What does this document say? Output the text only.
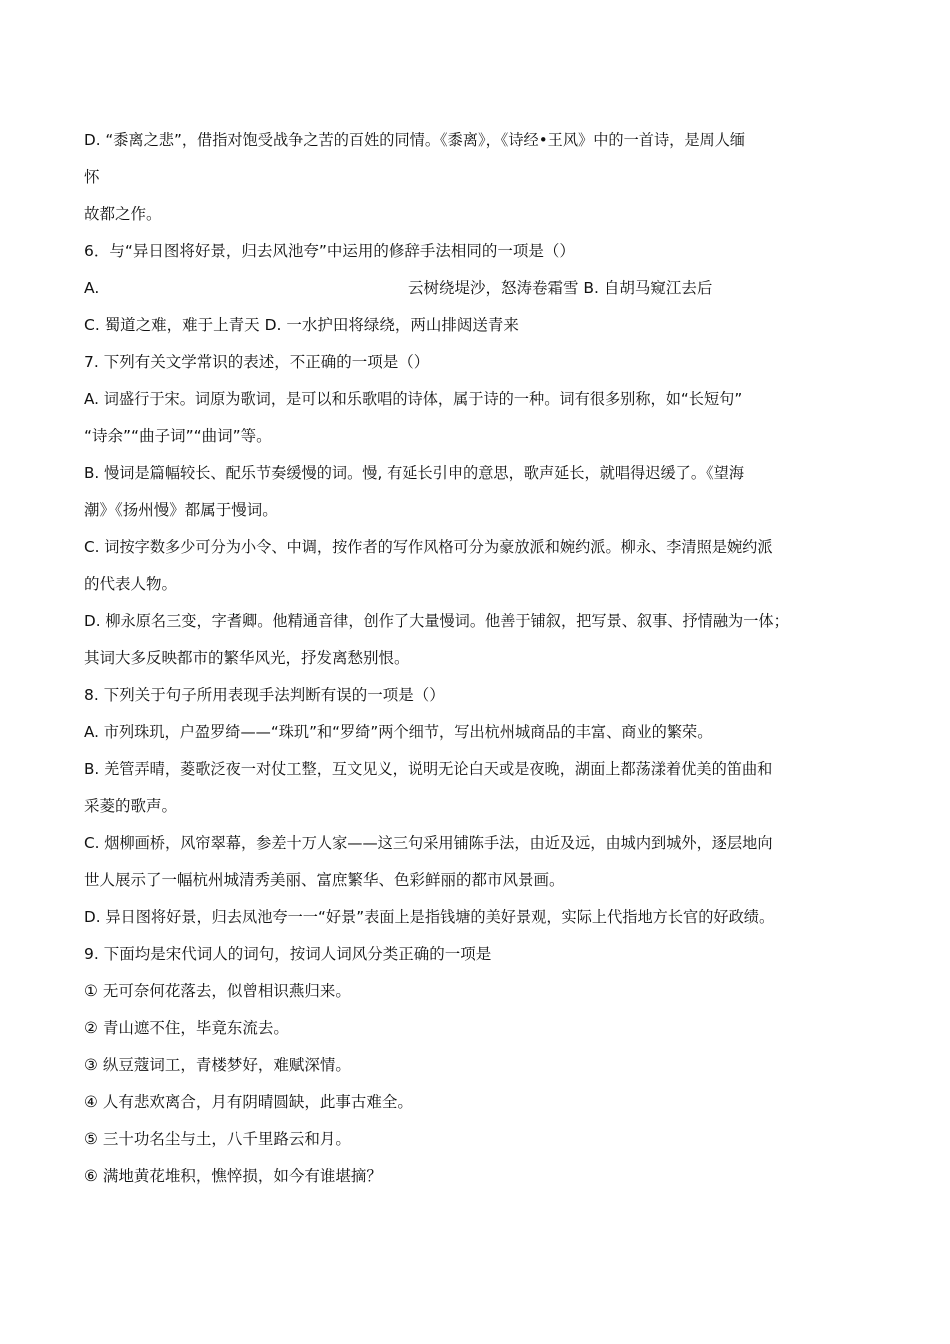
D. “黍离之悲”，借指对饱受战争之苦的百姓的同情。《黍离》，《诗经•王风》中的一首诗，是周人缅

怀

故都之作。

6．与“异日图将好景，归去风池夸”中运用的修辞手法相同的一项是（）

A.	云树绕堤沙，怒涛卷霜雪 B. 自胡马窥江去后

C. 蜀道之难，难于上青天 D. 一水护田将绿绕，两山排闼送青来

7. 下列有关文学常识的表述，不正确的一项是（）

A. 词盛行于宋。词原为歌词，是可以和乐歌唱的诗体，属于诗的一种。词有很多别称，如“长短句”

“诗余”“曲子词”“曲词”等。

B. 慢词是篇幅较长、配乐节奏缓慢的词。慢, 有延长引申的意思，歌声延长，就唱得迟缓了。《望海

潮》《扬州慢》都属于慢词。

C. 词按字数多少可分为小令、中调，按作者的写作风格可分为豪放派和婉约派。柳永、李清照是婉约派

的代表人物。

D. 柳永原名三变，字耆卿。他精通音律，创作了大量慢词。他善于铺叙，把写景、叙事、抒情融为一体；

其词大多反映都市的繁华风光，抒发离愁别恨。

8. 下列关于句子所用表现手法判断有误的一项是（）

A. 市列珠玑，户盈罗绮——“珠玑”和“罗绮”两个细节，写出杭州城商品的丰富、商业的繁荣。

B. 羌管弄晴，菱歌泛夜一对仗工整，互文见义，说明无论白天或是夜晚，湖面上都荡漾着优美的笛曲和

采菱的歌声。

C. 烟柳画桥，风帘翠幕，参差十万人家——这三句采用铺陈手法，由近及远，由城内到城外，逐层地向

世人展示了一幅杭州城清秀美丽、富庶繁华、色彩鲜丽的都市风景画。

D. 异日图将好景，归去凤池夸一一“好景”表面上是指钱塘的美好景观，实际上代指地方长官的好政绩。

9. 下面均是宋代词人的词句，按词人词风分类正确的一项是

① 无可奈何花落去，似曾相识燕归来。

② 青山遮不住，毕竟东流去。

③ 纵豆蔻词工，青楼梦好，难赋深情。

④ 人有悲欢离合，月有阴晴圆缺，此事古难全。

⑤ 三十功名尘与土，八千里路云和月。

⑥ 满地黄花堆积，憔悴损，如今有谁堪摘？
